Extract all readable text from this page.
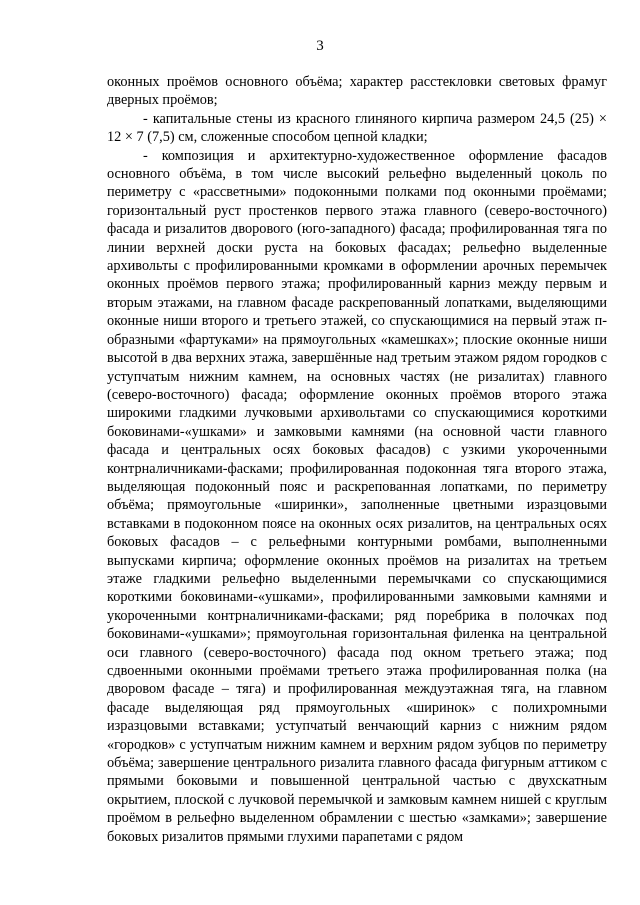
3

оконных проёмов основного объёма; характер расстекловки световых фрамуг дверных проёмов;

- капитальные стены из красного глиняного кирпича размером 24,5 (25) × 12 × 7 (7,5) см, сложенные способом цепной кладки;

- композиция и архитектурно-художественное оформление фасадов основного объёма, в том числе высокий рельефно выделенный цоколь по периметру с «рассветными» подоконными полками под оконными проёмами; горизонтальный руст простенков первого этажа главного (северо-восточного) фасада и ризалитов дворового (юго-западного) фасада; профилированная тяга по линии верхней доски руста на боковых фасадах; рельефно выделенные архивольты с профилированными кромками в оформлении арочных перемычек оконных проёмов первого этажа; профилированный карниз между первым и вторым этажами, на главном фасаде раскрепованный лопатками, выделяющими оконные ниши второго и третьего этажей, со спускающимися на первый этаж п-образными «фартуками» на прямоугольных «камешках»; плоские оконные ниши высотой в два верхних этажа, завершённые над третьим этажом рядом городков с уступчатым нижним камнем, на основных частях (не ризалитах) главного (северо-восточного) фасада; оформление оконных проёмов второго этажа широкими гладкими лучковыми архивольтами со спускающимися короткими боковинами-«ушками» и замковыми камнями (на основной части главного фасада и центральных осях боковых фасадов) с узкими укороченными контрналичниками-фасками; профилированная подоконная тяга второго этажа, выделяющая подоконный пояс и раскрепованная лопатками, по периметру объёма; прямоугольные «ширинки», заполненные цветными изразцовыми вставками в подоконном поясе на оконных осях ризалитов, на центральных осях боковых фасадов – с рельефными контурными ромбами, выполненными выпусками кирпича; оформление оконных проёмов на ризалитах на третьем этаже гладкими рельефно выделенными перемычками со спускающимися короткими боковинами-«ушками», профилированными замковыми камнями и укороченными контрналичниками-фасками; ряд поребрика в полочках под боковинами-«ушками»; прямоугольная горизонтальная филенка на центральной оси главного (северо-восточного) фасада под окном третьего этажа; под сдвоенными оконными проёмами третьего этажа профилированная полка (на дворовом фасаде – тяга) и профилированная междуэтажная тяга, на главном фасаде выделяющая ряд прямоугольных «ширинок» с полихромными изразцовыми вставками; уступчатый венчающий карниз с нижним рядом «городков» с уступчатым нижним камнем и верхним рядом зубцов по периметру объёма; завершение центрального ризалита главного фасада фигурным аттиком с прямыми боковыми и повышенной центральной частью с двухскатным окрытием, плоской с лучковой перемычкой и замковым камнем нишей с круглым проёмом в рельефно выделенном обрамлении с шестью «замками»; завершение боковых ризалитов прямыми глухими парапетами с рядом
